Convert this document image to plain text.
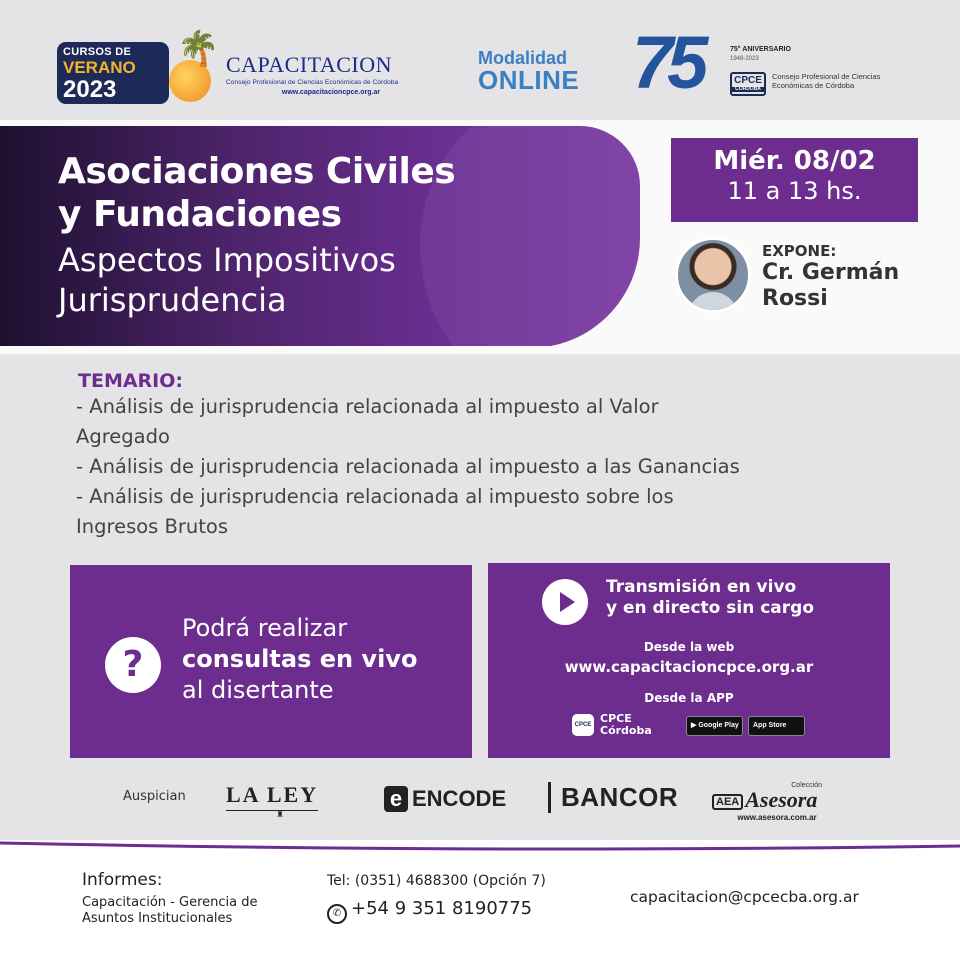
CURSOS DE
VERANO
2023
🌴 CAPACITACION
Consejo Profesional de Ciencias Económicas de Córdoba
www.capacitacioncpce.org.ar
Modalidad
ONLINE 75	75° ANIVERSARIO
1948-2023
CPCE
CÓRDOBA
Consejo Profesional de Ciencias Económicas de Córdoba
Asociaciones Civiles
y Fundaciones
Aspectos Impositivos
Jurisprudencia
Miér. 08/02
11 a 13 hs.
EXPONE:
Cr. Germán
Rossi
TEMARIO:
- Análisis de jurisprudencia relacionada al impuesto al Valor
Agregado
- Análisis de jurisprudencia relacionada al impuesto a las Ganancias
- Análisis de jurisprudencia relacionada al impuesto sobre los
Ingresos Brutos
?
Podrá realizar
consultas en vivo
al disertante
Transmisión en vivo
y en directo sin cargo
Desde la web
www.capacitacioncpce.org.ar
Desde la APP
CPCE CPCE
Córdoba	▶ Google Play	App Store
Auspician LA LEY
♜
e ENCODE	BANCOR	Colección
AEA Asesora
www.asesora.com.ar
Informes:
Capacitación - Gerencia de Asuntos Institucionales
Tel: (0351) 4688300 (Opción 7)
✆ +54 9 351 8190775
capacitacion@cpcecba.org.ar
